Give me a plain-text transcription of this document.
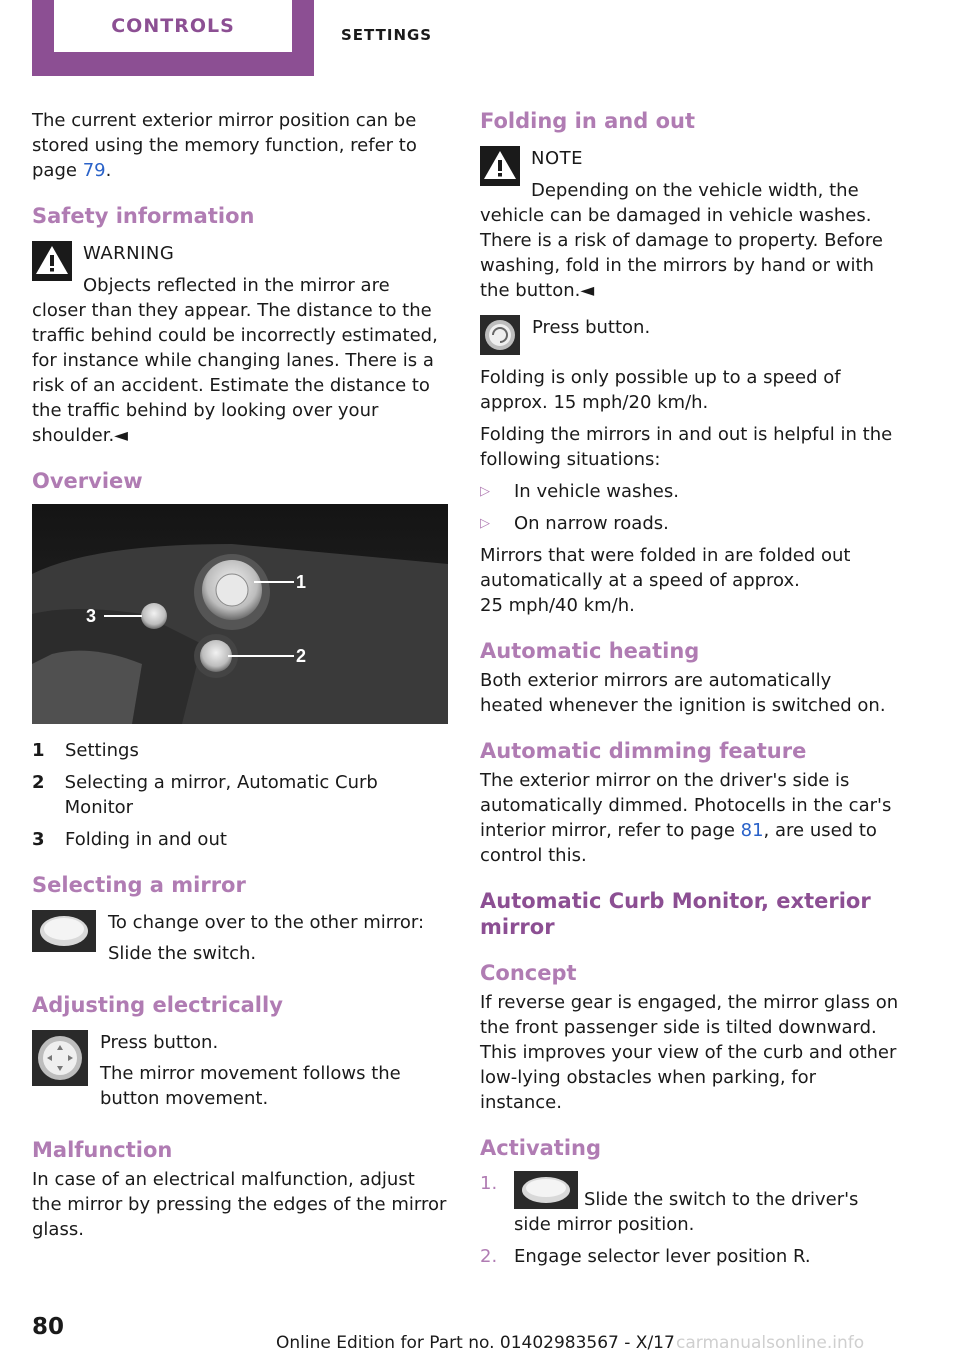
CONTROLS	SETTINGS

The current exterior mirror position can be stored using the memory function, refer to page 79.

Safety information
WARNING
Objects reflected in the mirror are closer than they appear. The distance to the traffic behind could be incorrectly estimated, for instance while changing lanes. There is a risk of an accident. Estimate the distance to the traffic behind by looking over your shoulder.◄
Overview
1
2
3
1	Settings
2	Selecting a mirror, Automatic Curb Monitor
3	Folding in and out
Selecting a mirror

To change over to the other mirror:

Slide the switch.

Adjusting electrically

Press button.

The mirror movement follows the button movement.

Malfunction

In case of an electrical malfunction, adjust the mirror by pressing the edges of the mirror glass.

Folding in and out
NOTE
Depending on the vehicle width, the vehicle can be damaged in vehicle washes. There is a risk of damage to property. Before washing, fold in the mirrors by hand or with the button.◄

Press button.

Folding is only possible up to a speed of approx. 15 mph/20 km/h.

Folding the mirrors in and out is helpful in the following situations:

▷	In vehicle washes.
▷	On narrow roads.

Mirrors that were folded in are folded out automatically at a speed of approx.
25 mph/40 km/h.

Automatic heating

Both exterior mirrors are automatically heated whenever the ignition is switched on.

Automatic dimming feature

The exterior mirror on the driver's side is automatically dimmed. Photocells in the car's interior mirror, refer to page 81, are used to control this.

Automatic Curb Monitor, exterior mirror
Concept

If reverse gear is engaged, the mirror glass on the front passenger side is tilted downward. This improves your view of the curb and other low-lying obstacles when parking, for instance.

Activating
1.
Slide the switch to the driver's side mirror position.
2. Engage selector lever position R.
80
Online Edition for Part no. 01402983567 - X/17 carmanualsonline.info
